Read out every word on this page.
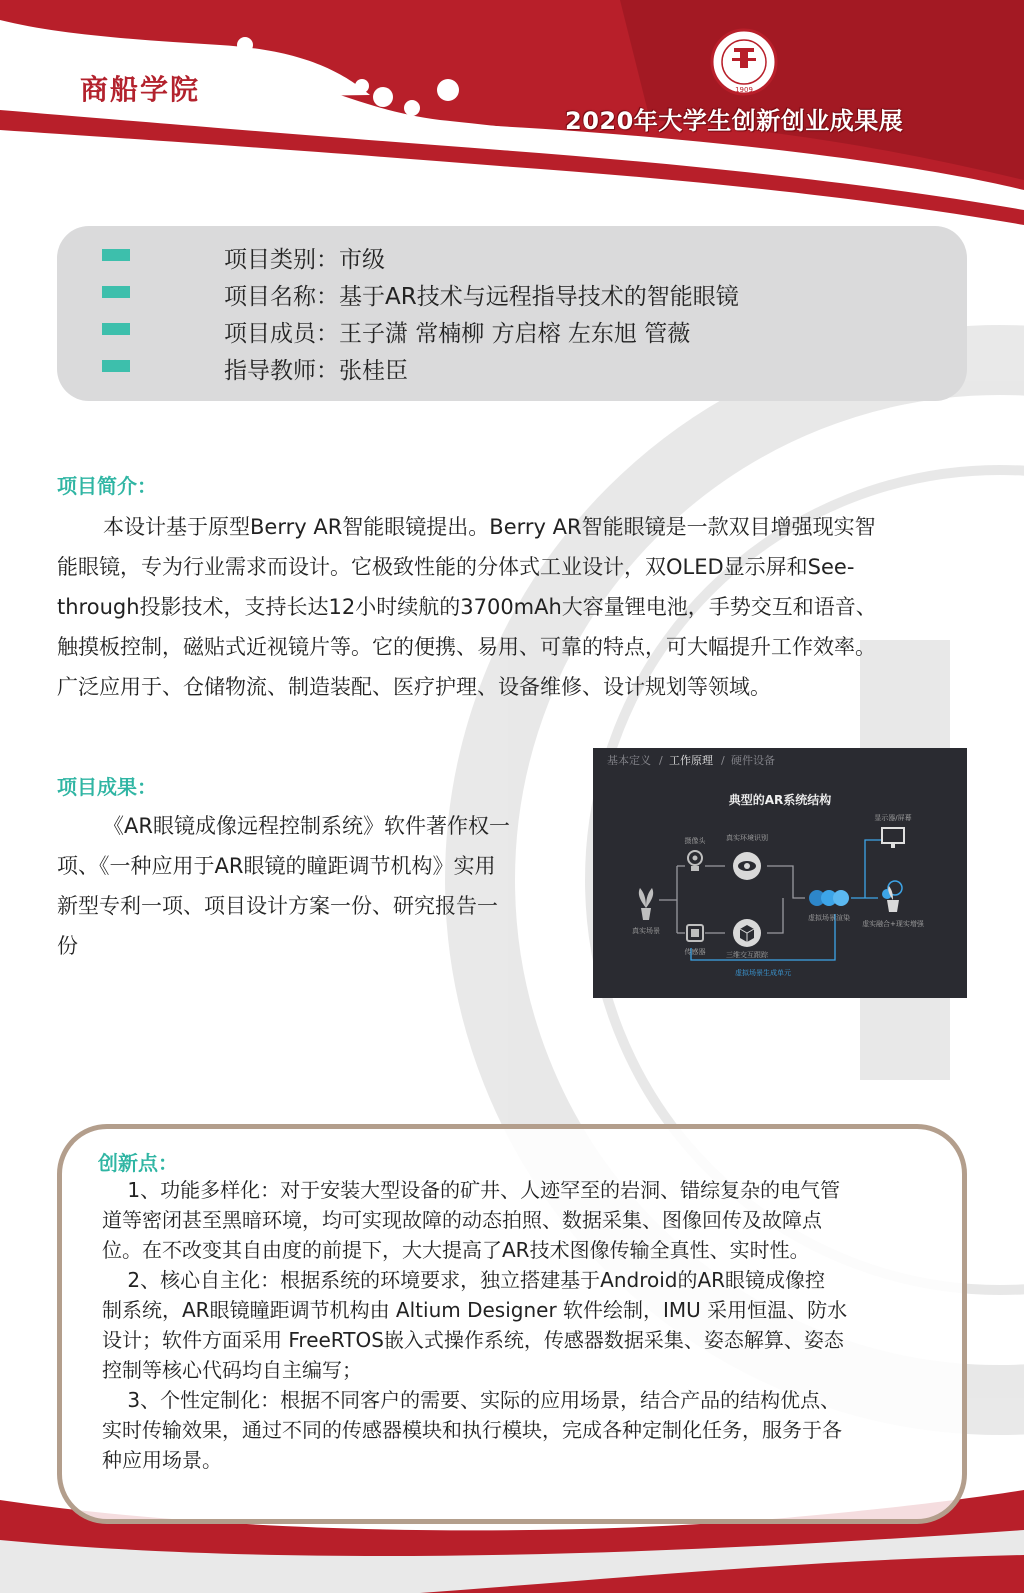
商船学院	1909
2020年大学生创新创业成果展
项目类别：市级
项目名称：基于AR技术与远程指导技术的智能眼镜
项目成员：王子潇 常楠柳 方启榕 左东旭 管薇
指导教师：张桂臣
项目简介：
本设计基于原型Berry AR智能眼镜提出。Berry AR智能眼镜是一款双目增强现实智
能眼镜，专为行业需求而设计。它极致性能的分体式工业设计，双OLED显示屏和See-
through投影技术，支持长达12小时续航的3700mAh大容量锂电池，手势交互和语音、
触摸板控制，磁贴式近视镜片等。它的便携、易用、可靠的特点，可大幅提升工作效率。
广泛应用于、仓储物流、制造装配、医疗护理、设备维修、设计规划等领域。
项目成果：
《AR眼镜成像远程控制系统》软件著作权一
项、《一种应用于AR眼镜的瞳距调节机构》实用
新型专利一项、项目设计方案一份、研究报告一
份
基本定义 / 工作原理 / 硬件设备
典型的AR系统结构
真实场景
摄像头
传感器
真实环境识别
三维交互跟踪
虚拟场景渲染
显示器/屏幕
虚实融合+现实增强
虚拟场景生成单元
创新点：
1、功能多样化：对于安装大型设备的矿井、人迹罕至的岩洞、错综复杂的电气管
道等密闭甚至黑暗环境，均可实现故障的动态拍照、数据采集、图像回传及故障点
位。在不改变其自由度的前提下，大大提高了AR技术图像传输全真性、实时性。
2、核心自主化：根据系统的环境要求，独立搭建基于Android的AR眼镜成像控
制系统，AR眼镜瞳距调节机构由 Altium Designer 软件绘制，IMU 采用恒温、防水
设计；软件方面采用 FreeRTOS嵌入式操作系统，传感器数据采集、姿态解算、姿态
控制等核心代码均自主编写；
3、个性定制化：根据不同客户的需要、实际的应用场景，结合产品的结构优点、
实时传输效果，通过不同的传感器模块和执行模块，完成各种定制化任务，服务于各
种应用场景。
